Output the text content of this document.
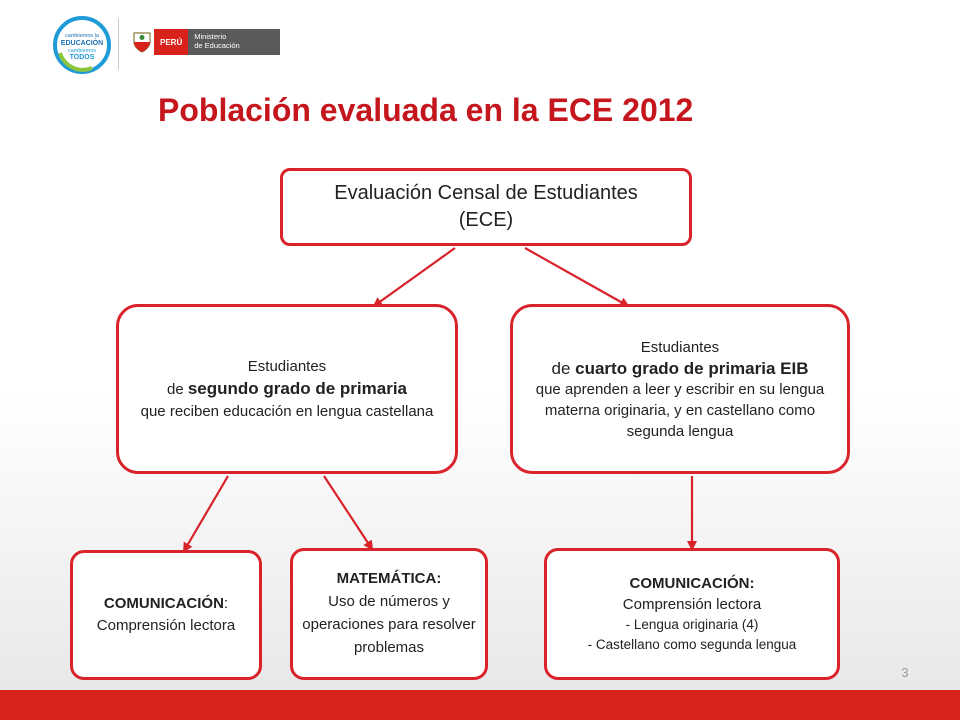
cambiemos la
EDUCACIÓN
cambiemos
TODOS
PERÚ
Ministerio
de Educación
Población evaluada en la ECE 2012
Evaluación Censal de Estudiantes
(ECE)
Estudiantes
de segundo grado de primaria
que reciben educación en lengua castellana
Estudiantes
de cuarto grado de primaria EIB
que aprenden a leer y escribir en su lengua materna originaria, y en castellano como segunda lengua
COMUNICACIÓN:
Comprensión lectora
MATEMÁTICA:
Uso de números y operaciones para resolver problemas
COMUNICACIÓN:
Comprensión lectora
- Lengua originaria (4)
- Castellano como segunda lengua
3
